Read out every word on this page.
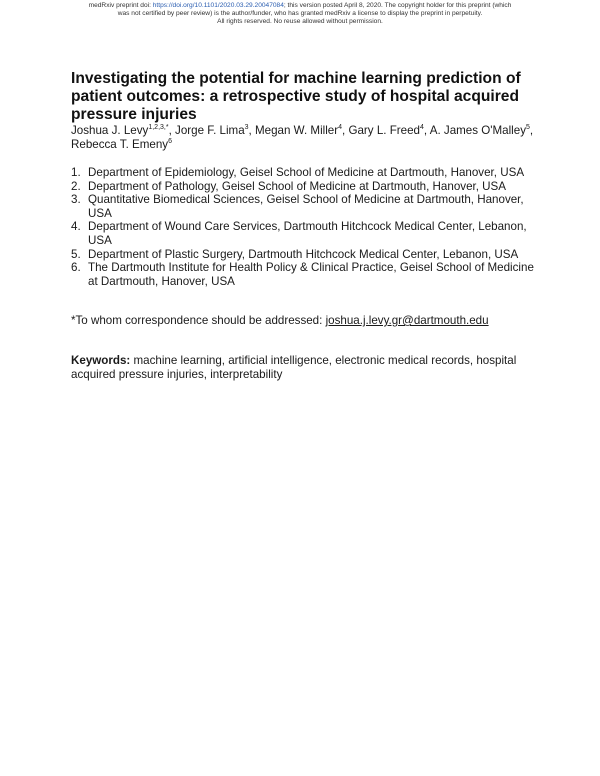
medRxiv preprint doi: https://doi.org/10.1101/2020.03.29.20047084; this version posted April 8, 2020. The copyright holder for this preprint (which
was not certified by peer review) is the author/funder, who has granted medRxiv a license to display the preprint in perpetuity.
All rights reserved. No reuse allowed without permission.
Investigating the potential for machine learning prediction of patient outcomes: a retrospective study of hospital acquired pressure injuries
Joshua J. Levy$^{1,2,3,*}$, Jorge F. Lima$^3$, Megan W. Miller$^4$, Gary L. Freed$^4$, A. James O'Malley$^5$, Rebecca T. Emeny$^6$
1. Department of Epidemiology, Geisel School of Medicine at Dartmouth, Hanover, USA
2. Department of Pathology, Geisel School of Medicine at Dartmouth, Hanover, USA
3. Quantitative Biomedical Sciences, Geisel School of Medicine at Dartmouth, Hanover, USA
4. Department of Wound Care Services, Dartmouth Hitchcock Medical Center, Lebanon, USA
5. Department of Plastic Surgery, Dartmouth Hitchcock Medical Center, Lebanon, USA
6. The Dartmouth Institute for Health Policy & Clinical Practice, Geisel School of Medicine at Dartmouth, Hanover, USA
*To whom correspondence should be addressed: joshua.j.levy.gr@dartmouth.edu
Keywords: machine learning, artificial intelligence, electronic medical records, hospital acquired pressure injuries, interpretability
